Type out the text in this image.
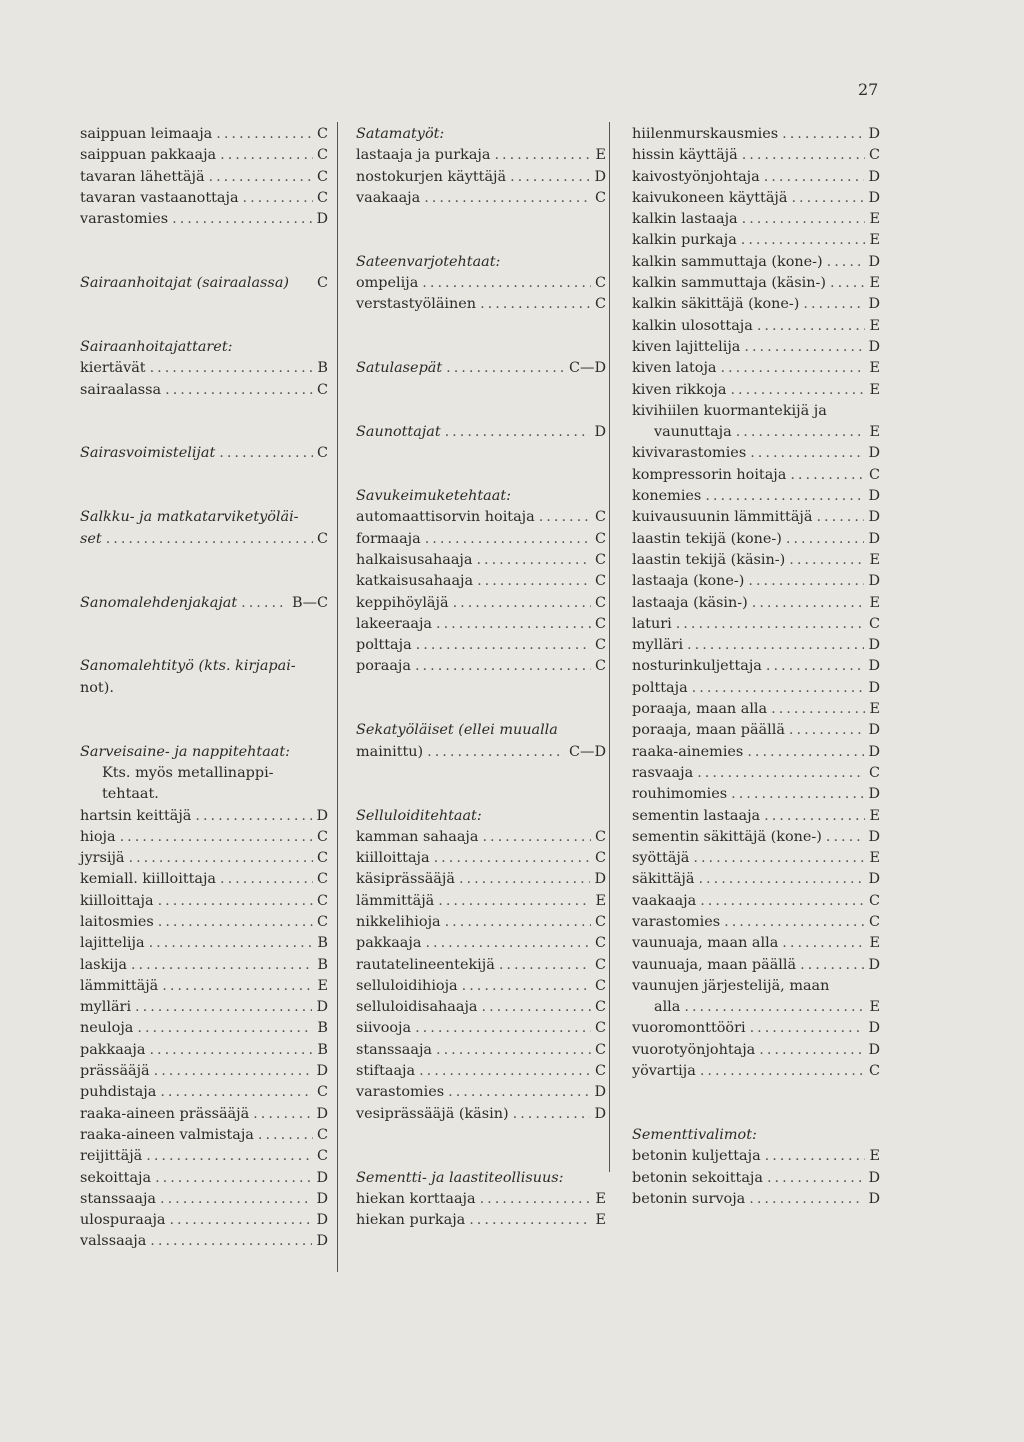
27
saippuan leimaaja .....	C
saippuan pakkaaja .....	C
tavaran lähettäjä .....	C
tavaran vastaanottaja .....	C
varastomies .....	D
Sairaanhoitajat (sairaalassa) C
Sairaanhoitajattaret:
kiertävät .....	B
sairaalassa .....	C
Sairasvoimistelijat .....	C
Salkku- ja matkatarviketyöläi-
set .....	C
Sanomalehdenjakajat .....	B—C
Sanomalehtityö (kts. kirjapai-
not).
Sarveisaine- ja nappitehtaat:
Kts. myös metallinappi-
tehtaat.
hartsin keittäjä .....	D
hioja .....	C
jyrsijä .....	C
kemiall. kiilloittaja .....	C
kiilloittaja .....	C
laitosmies .....	C
lajittelija .....	B
laskija .....	B
lämmittäjä .....	E
mylläri .....	D
neuloja .....	B
pakkaaja .....	B
prässääjä .....	D
puhdistaja .....	C
raaka-aineen prässääjä .....	D
raaka-aineen valmistaja .....	C
reijittäjä .....	C
sekoittaja .....	D
stanssaaja .....	D
ulospuraaja .....	D
valssaaja .....	D
Satamatyöt:
lastaaja ja purkaja .....	E
nostokurjen käyttäjä .....	D
vaakaaja .....	C
Sateenvarjotehtaat:
ompelija .....	C
verstastyöläinen .....	C
Satulasepät .....	C—D
Saunottajat .....	D
Savukeimuketehtaat:
automaattisorvin hoitaja .....	C
formaaja .....	C
halkaisusahaaja .....	C
katkaisusahaaja .....	C
keppihöyläjä .....	C
lakeeraaja .....	C
polttaja .....	C
poraaja .....	C
Sekatyöläiset (ellei muualla
mainittu) .....	C—D
Selluloiditehtaat:
kamman sahaaja .....	C
kiilloittaja .....	C
käsiprässääjä .....	D
lämmittäjä .....	E
nikkelihioja .....	C
pakkaaja .....	C
rautatelineentekijä .....	C
selluloidihioja .....	C
selluloidisahaaja .....	C
siivooja .....	C
stanssaaja .....	C
stiftaaja .....	C
varastomies .....	D
vesiprässääjä (käsin) .....	D
Sementti- ja laastiteollisuus:
hiekan korttaaja .....	E
hiekan purkaja .....	E
hiilenmurskausmies .....	D
hissin käyttäjä .....	C
kaivostyönjohtaja .....	D
kaivukoneen käyttäjä .....	D
kalkin lastaaja .....	E
kalkin purkaja .....	E
kalkin sammuttaja (kone-) .....	D
kalkin sammuttaja (käsin-) .....	E
kalkin säkittäjä (kone-) .....	D
kalkin ulosottaja .....	E
kiven lajittelija .....	D
kiven latoja .....	E
kiven rikkoja .....	E
kivihiilen kuormantekijä ja
vaunuttaja .....	E
kivivarastomies .....	D
kompressorin hoitaja .....	C
konemies .....	D
kuivausuunin lämmittäjä .....	D
laastin tekijä (kone-) .....	D
laastin tekijä (käsin-) .....	E
lastaaja (kone-) .....	D
lastaaja (käsin-) .....	E
laturi .....	C
mylläri .....	D
nosturinkuljettaja .....	D
polttaja .....	D
poraaja, maan alla .....	E
poraaja, maan päällä .....	D
raaka-ainemies .....	D
rasvaaja .....	C
rouhimomies .....	D
sementin lastaaja .....	E
sementin säkittäjä (kone-) .....	D
syöttäjä .....	E
säkittäjä .....	D
vaakaaja .....	C
varastomies .....	C
vaunuaja, maan alla .....	E
vaunuaja, maan päällä .....	D
vaunujen järjestelijä, maan
alla .....	E
vuoromonttööri .....	D
vuorotyönjohtaja .....	D
yövartija .....	C
Sementtivalimot:
betonin kuljettaja .....	E
betonin sekoittaja .....	D
betonin survoja .....	D
